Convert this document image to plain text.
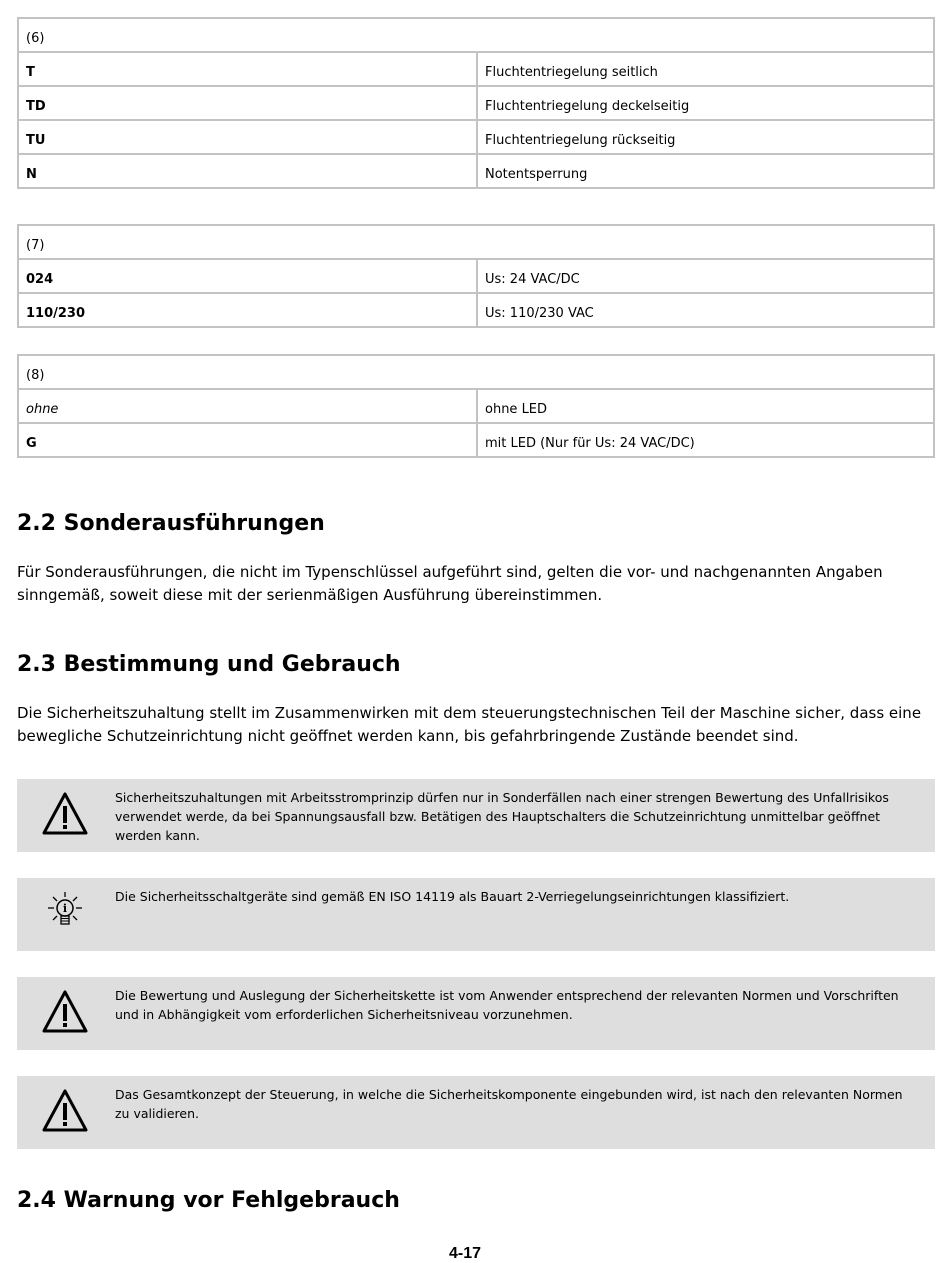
(6)	
T	Fluchtentriegelung seitlich
TD	Fluchtentriegelung deckelseitig
TU	Fluchtentriegelung rückseitig
N	Notentsperrung
(7)	
024	Us: 24 VAC/DC
110/230	Us: 110/230 VAC
(8)	
ohne	ohne LED
G	mit LED (Nur für Us: 24 VAC/DC)
2.2 Sonderausführungen

Für Sonderausführungen, die nicht im Typenschlüssel aufgeführt sind, gelten die vor- und nachgenannten Angaben sinngemäß, soweit diese mit der serienmäßigen Ausführung übereinstimmen.

2.3 Bestimmung und Gebrauch

Die Sicherheitszuhaltung stellt im Zusammenwirken mit dem steuerungstechnischen Teil der Maschine sicher, dass eine bewegliche Schutzeinrichtung nicht geöffnet werden kann, bis gefahrbringende Zustände beendet sind.

Sicherheitszuhaltungen mit Arbeitsstromprinzip dürfen nur in Sonderfällen nach einer strengen Bewertung des Unfallrisikos verwendet werde, da bei Spannungsausfall bzw. Betätigen des Hauptschalters die Schutzeinrichtung unmittelbar geöffnet werden kann.
i
Die Sicherheitsschaltgeräte sind gemäß EN ISO 14119 als Bauart 2-Verriegelungseinrichtungen klassifiziert.
Die Bewertung und Auslegung der Sicherheitskette ist vom Anwender entsprechend der relevanten Normen und Vorschriften und in Abhängigkeit vom erforderlichen Sicherheitsniveau vorzunehmen.
Das Gesamtkonzept der Steuerung, in welche die Sicherheitskomponente eingebunden wird, ist nach den relevanten Normen zu validieren.
2.4 Warnung vor Fehlgebrauch
4-17
